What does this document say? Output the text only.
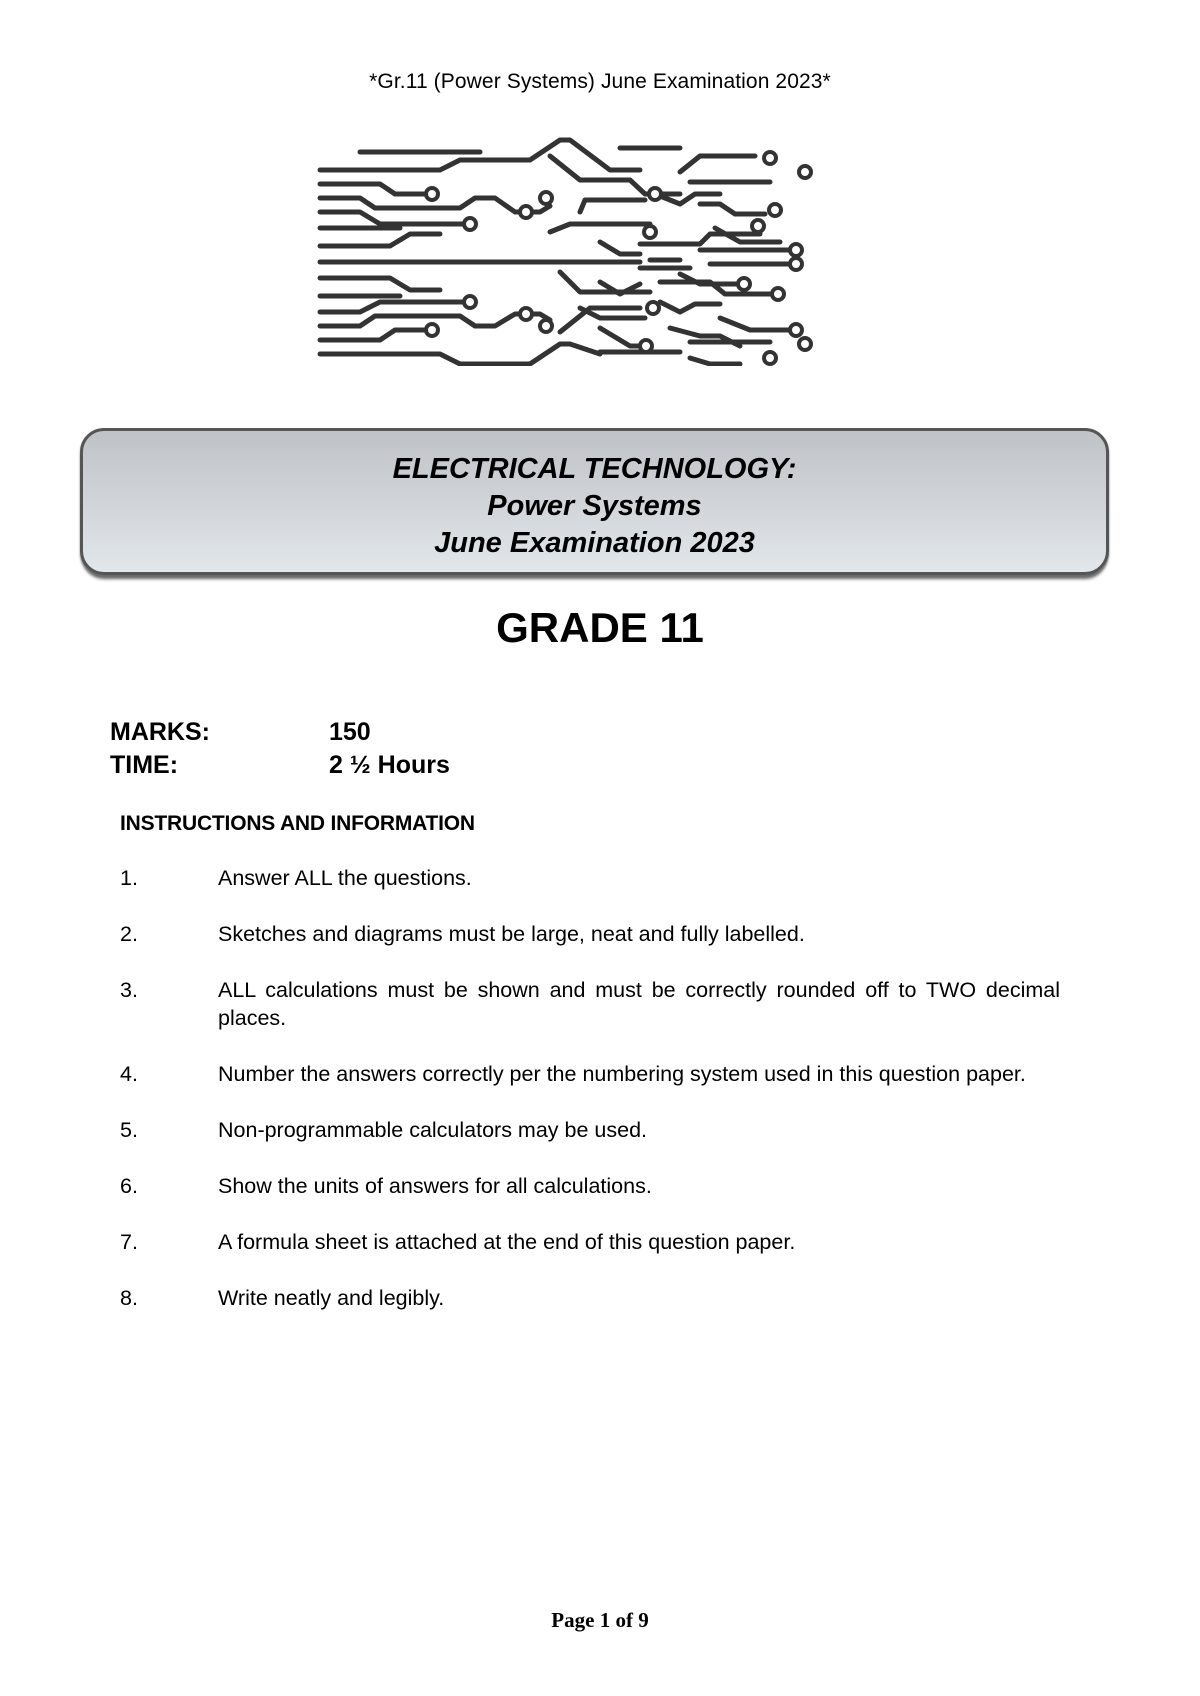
*Gr.11 (Power Systems) June Examination 2023*
ELECTRICAL TECHNOLOGY:
Power Systems
June Examination 2023
GRADE 11
MARKS:	150
TIME:	2 ½ Hours
INSTRUCTIONS AND INFORMATION
1.	Answer ALL the questions.
2.	Sketches and diagrams must be large, neat and fully labelled.
3.	ALL calculations must be shown and must be correctly rounded off to TWO decimal places.
4.	Number the answers correctly per the numbering system used in this question paper.
5.	Non-programmable calculators may be used.
6.	Show the units of answers for all calculations.
7.	A formula sheet is attached at the end of this question paper.
8.	Write neatly and legibly.
Page 1 of 9
